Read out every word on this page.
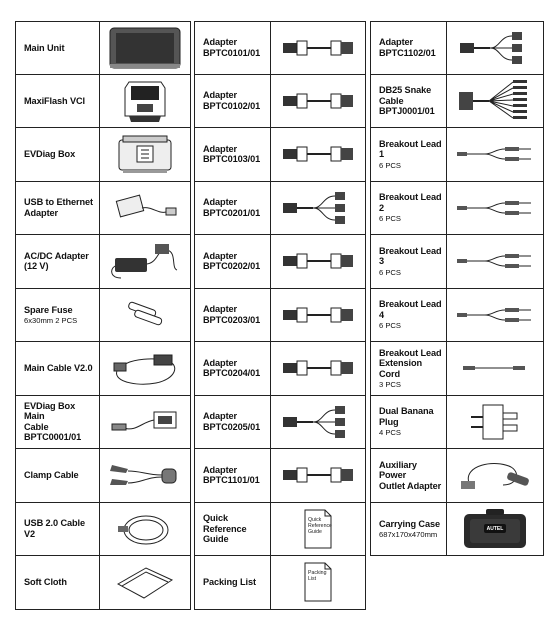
Main Unit
MaxiFlash VCI
EVDiag Box
USB to Ethernet
Adapter
AC/DC Adapter
(12 V)
Spare Fuse
6x30mm 2 PCS
Main Cable V2.0
EVDiag Box Main
Cable
BPTC0001/01
Clamp Cable
USB 2.0 Cable V2
Soft Cloth
Adapter
BPTC0101/01
Adapter
BPTC0102/01
Adapter
BPTC0103/01
Adapter
BPTC0201/01
Adapter
BPTC0202/01
Adapter
BPTC0203/01
Adapter
BPTC0204/01
Adapter
BPTC0205/01
Adapter
BPTC1101/01
Quick Reference
Guide
Quick
Reference
Guide
Packing List
Packing
List
Adapter
BPTC1102/01
DB25 Snake
Cable
BPTJ0001/01
Breakout Lead 1
6 PCS
Breakout Lead 2
6 PCS
Breakout Lead 3
6 PCS
Breakout Lead 4
6 PCS
Breakout Lead
Extension Cord
3 PCS
Dual Banana Plug
4 PCS
Auxiliary Power
Outlet Adapter
Carrying Case
687x170x470mm
AUTEL
